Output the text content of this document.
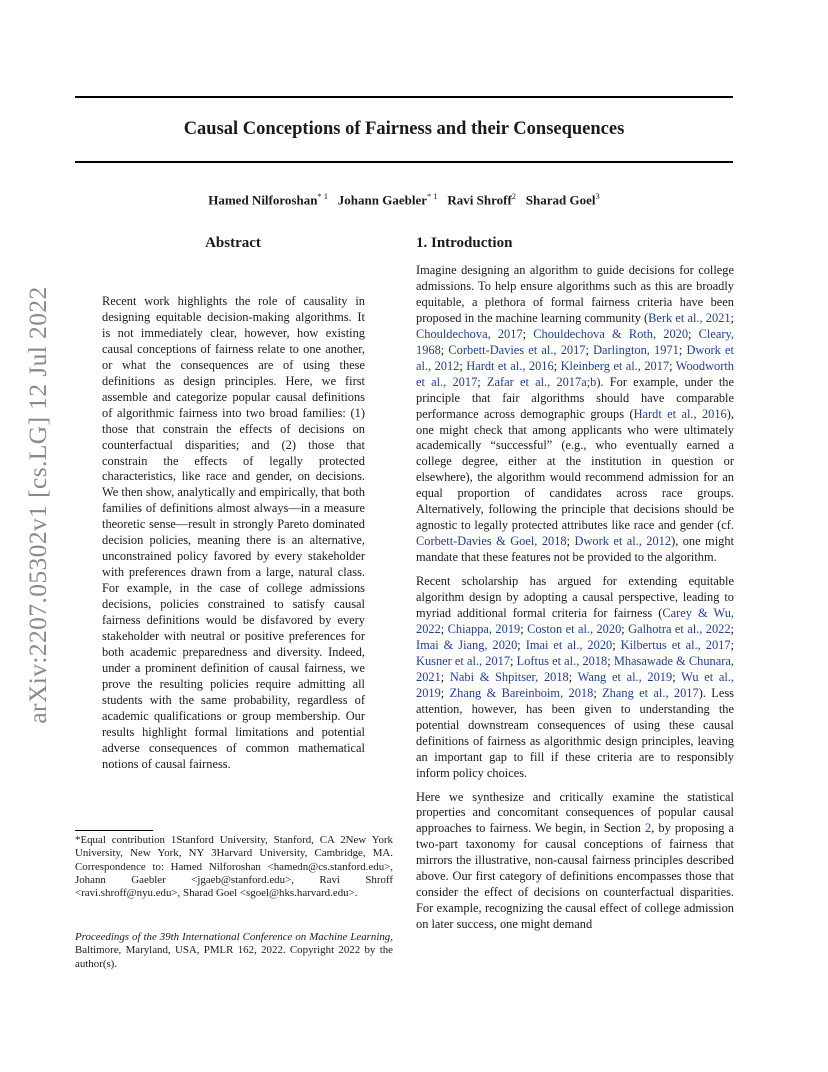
Causal Conceptions of Fairness and their Consequences
Hamed Nilforoshan$^{* 1}$ Johann Gaebler$^{* 1}$ Ravi Shroff$^2$ Sharad Goel$^3$
arXiv:2207.05302v1 [cs.LG] 12 Jul 2022
Abstract
Recent work highlights the role of causality in designing equitable decision-making algorithms. It is not immediately clear, however, how existing causal conceptions of fairness relate to one another, or what the consequences are of using these definitions as design principles. Here, we first assemble and categorize popular causal definitions of algorithmic fairness into two broad families: (1) those that constrain the effects of decisions on counterfactual disparities; and (2) those that constrain the effects of legally protected characteristics, like race and gender, on decisions. We then show, analytically and empirically, that both families of definitions almost always—in a measure theoretic sense—result in strongly Pareto dominated decision policies, meaning there is an alternative, unconstrained policy favored by every stakeholder with preferences drawn from a large, natural class. For example, in the case of college admissions decisions, policies constrained to satisfy causal fairness definitions would be disfavored by every stakeholder with neutral or positive preferences for both academic preparedness and diversity. Indeed, under a prominent definition of causal fairness, we prove the resulting policies require admitting all students with the same probability, regardless of academic qualifications or group membership. Our results highlight formal limitations and potential adverse consequences of common mathematical notions of causal fairness.
*Equal contribution 1Stanford University, Stanford, CA 2New York University, New York, NY 3Harvard University, Cambridge, MA. Correspondence to: Hamed Nilforoshan <hamedn@cs.stanford.edu>, Johann Gaebler <jgaeb@stanford.edu>, Ravi Shroff <ravi.shroff@nyu.edu>, Sharad Goel <sgoel@hks.harvard.edu>.
Proceedings of the 39th International Conference on Machine Learning, Baltimore, Maryland, USA, PMLR 162, 2022. Copyright 2022 by the author(s).
1. Introduction

Imagine designing an algorithm to guide decisions for college admissions. To help ensure algorithms such as this are broadly equitable, a plethora of formal fairness criteria have been proposed in the machine learning community (Berk et al., 2021; Chouldechova, 2017; Chouldechova & Roth, 2020; Cleary, 1968; Corbett-Davies et al., 2017; Darlington, 1971; Dwork et al., 2012; Hardt et al., 2016; Kleinberg et al., 2017; Woodworth et al., 2017; Zafar et al., 2017a;b). For example, under the principle that fair algorithms should have comparable performance across demographic groups (Hardt et al., 2016), one might check that among applicants who were ultimately academically “successful” (e.g., who eventually earned a college degree, either at the institution in question or elsewhere), the algorithm would recommend admission for an equal proportion of candidates across race groups. Alternatively, following the principle that decisions should be agnostic to legally protected attributes like race and gender (cf. Corbett-Davies & Goel, 2018; Dwork et al., 2012), one might mandate that these features not be provided to the algorithm.

Recent scholarship has argued for extending equitable algorithm design by adopting a causal perspective, leading to myriad additional formal criteria for fairness (Carey & Wu, 2022; Chiappa, 2019; Coston et al., 2020; Galhotra et al., 2022; Imai & Jiang, 2020; Imai et al., 2020; Kilbertus et al., 2017; Kusner et al., 2017; Loftus et al., 2018; Mhasawade & Chunara, 2021; Nabi & Shpitser, 2018; Wang et al., 2019; Wu et al., 2019; Zhang & Bareinboim, 2018; Zhang et al., 2017). Less attention, however, has been given to understanding the potential downstream consequences of using these causal definitions of fairness as algorithmic design principles, leaving an important gap to fill if these criteria are to responsibly inform policy choices.

Here we synthesize and critically examine the statistical properties and concomitant consequences of popular causal approaches to fairness. We begin, in Section 2, by proposing a two-part taxonomy for causal conceptions of fairness that mirrors the illustrative, non-causal fairness principles described above. Our first category of definitions encompasses those that consider the effect of decisions on counterfactual disparities. For example, recognizing the causal effect of college admission on later success, one might demand
